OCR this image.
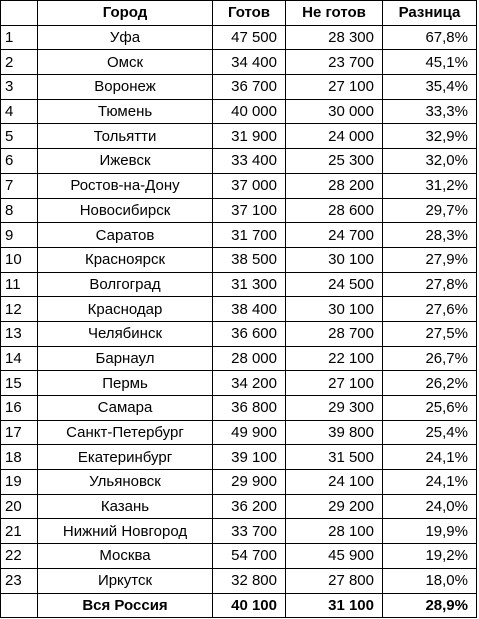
	Город	Готов	Не готов	Разница
1	Уфа	47 500	28 300	67,8%
2	Омск	34 400	23 700	45,1%
3	Воронеж	36 700	27 100	35,4%
4	Тюмень	40 000	30 000	33,3%
5	Тольятти	31 900	24 000	32,9%
6	Ижевск	33 400	25 300	32,0%
7	Ростов-на-Дону	37 000	28 200	31,2%
8	Новосибирск	37 100	28 600	29,7%
9	Саратов	31 700	24 700	28,3%
10	Красноярск	38 500	30 100	27,9%
11	Волгоград	31 300	24 500	27,8%
12	Краснодар	38 400	30 100	27,6%
13	Челябинск	36 600	28 700	27,5%
14	Барнаул	28 000	22 100	26,7%
15	Пермь	34 200	27 100	26,2%
16	Самара	36 800	29 300	25,6%
17	Санкт-Петербург	49 900	39 800	25,4%
18	Екатеринбург	39 100	31 500	24,1%
19	Ульяновск	29 900	24 100	24,1%
20	Казань	36 200	29 200	24,0%
21	Нижний Новгород	33 700	28 100	19,9%
22	Москва	54 700	45 900	19,2%
23	Иркутск	32 800	27 800	18,0%
	Вся Россия	40 100	31 100	28,9%
